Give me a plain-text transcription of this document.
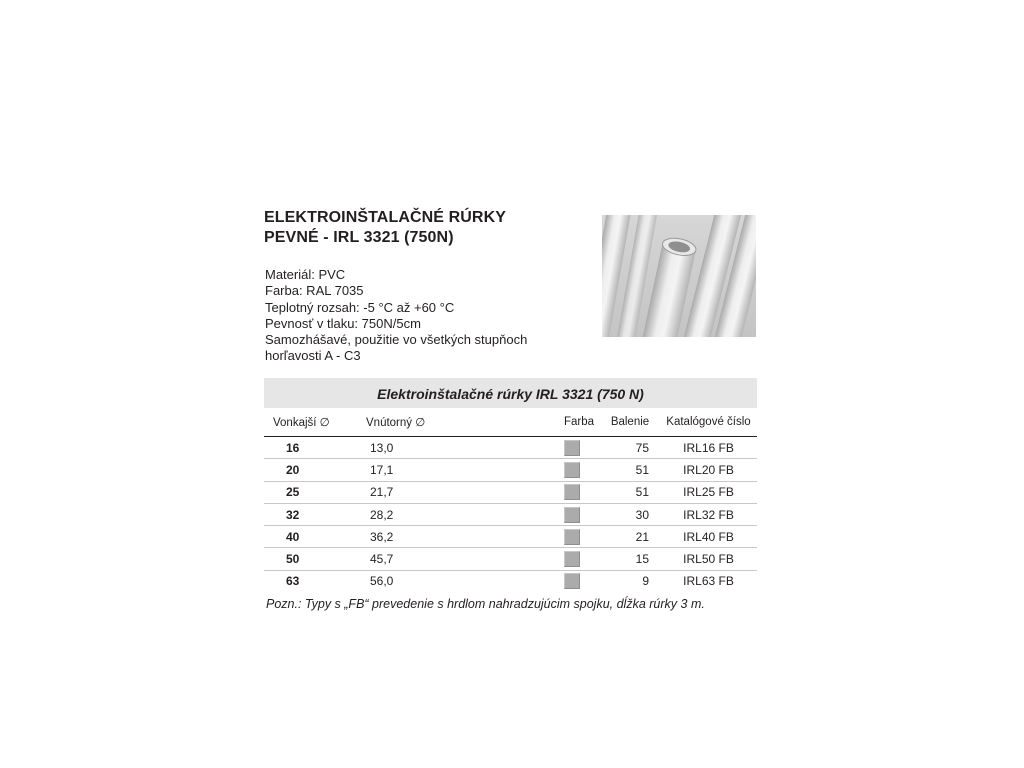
ELEKTROINŠTALAČNÉ RÚRKY
PEVNÉ - IRL 3321 (750N)
Materiál: PVC
Farba: RAL 7035
Teplotný rozsah: -5 °C až +60 °C
Pevnosť v tlaku: 750N/5cm
Samozhášavé, použitie vo všetkých stupňoch
horľavosti A - C3
Elektroinštalačné rúrky IRL 3321 (750 N)
Vonkajší ∅	Vnútorný ∅	Farba	Balenie	Katalógové číslo
16	13,0		75	IRL16 FB
20	17,1		51	IRL20 FB
25	21,7		51	IRL25 FB
32	28,2		30	IRL32 FB
40	36,2		21	IRL40 FB
50	45,7		15	IRL50 FB
63	56,0		9	IRL63 FB
Pozn.: Typy s „FB“ prevedenie s hrdlom nahradzujúcim spojku, dĺžka rúrky 3 m.
